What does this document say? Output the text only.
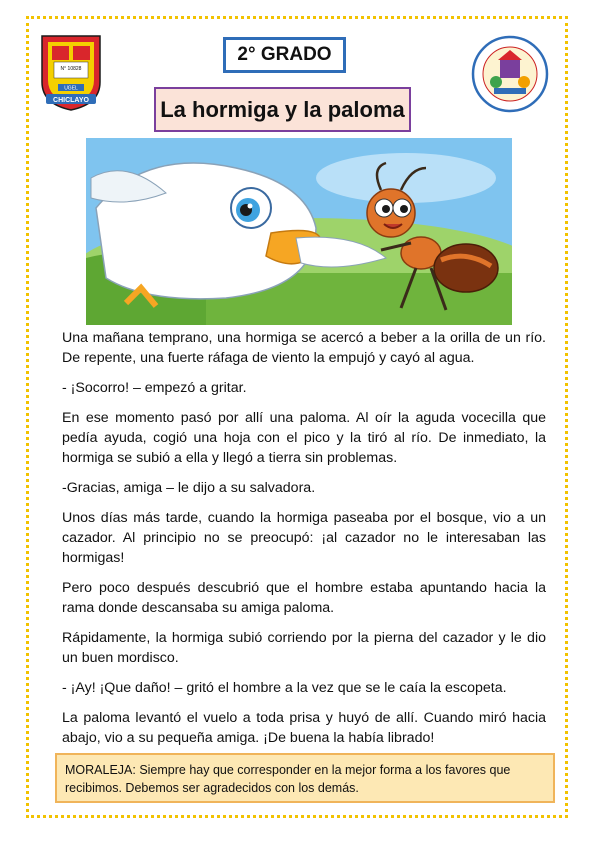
N° 10828
UGEL
CHICLAYO
2° GRADO
La hormiga y la paloma

Una mañana temprano, una hormiga se acercó a beber a la orilla de un río. De repente, una fuerte ráfaga de viento la empujó y cayó al agua.

- ¡Socorro! – empezó a gritar.

En ese momento pasó por allí una paloma. Al oír la aguda vocecilla que pedía ayuda, cogió una hoja con el pico y la tiró al río. De inmediato, la hormiga se subió a ella y llegó a tierra sin problemas.

-Gracias, amiga – le dijo a su salvadora.

Unos días más tarde, cuando la hormiga paseaba por el bosque, vio a un cazador. Al principio no se preocupó: ¡al cazador no le interesaban las hormigas!

Pero poco después descubrió que el hombre estaba apuntando hacia la rama donde descansaba su amiga paloma.

Rápidamente, la hormiga subió corriendo por la pierna del cazador y le dio un buen mordisco.

- ¡Ay! ¡Que daño! – gritó el hombre a la vez que se le caía la escopeta.

La paloma levantó el vuelo a toda prisa y huyó de allí. Cuando miró hacia abajo, vio a su pequeña amiga. ¡De buena la había librado!

MORALEJA: Siempre hay que corresponder en la mejor forma a los favores que recibimos. Debemos ser agradecidos con los demás.
